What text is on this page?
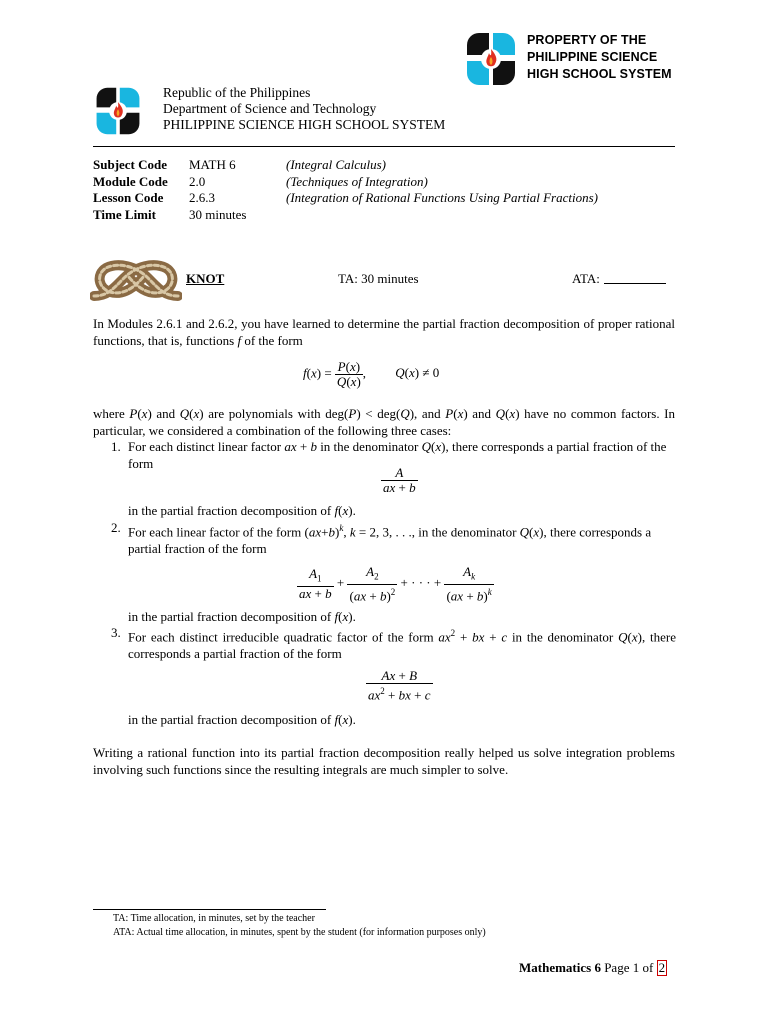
PROPERTY OF THE
PHILIPPINE SCIENCE
HIGH SCHOOL SYSTEM
Republic of the Philippines
Department of Science and Technology
PHILIPPINE SCIENCE HIGH SCHOOL SYSTEM
Subject Code	MATH 6	(Integral Calculus)
Module Code	2.0	(Techniques of Integration)
Lesson Code	2.6.3	(Integration of Rational Functions Using Partial Fractions)
Time Limit	30 minutes
KNOT	TA: 30 minutes	ATA:

In Modules 2.6.1 and 2.6.2, you have learned to determine the partial fraction decomposition of proper rational functions, that is, functions f of the form

$f(x) = \frac{P(x)}{Q(x)}$ , Q(x) ≠ 0

where P(x) and Q(x) are polynomials with deg(P) < deg(Q), and P(x) and Q(x) have no common factors. In particular, we considered a combination of the following three cases:

1. For each distinct linear factor ax + b in the denominator Q(x), there corresponds a partial fraction of the form

$\frac{A}{ax + b}$

in the partial fraction decomposition of f(x).

2. For each linear factor of the form $(ax+b)^k$, k = 2, 3, . . ., in the denominator Q(x), there corresponds a partial fraction of the form

$\frac{A_1}{ax + b} + \frac{A_2}{(ax + b)^2}$ + · · · + $\frac{A_k}{(ax + b)^k}$

in the partial fraction decomposition of f(x).

3. For each distinct irreducible quadratic factor of the form $ax^2$ + bx + c in the denominator Q(x), there corresponds a partial fraction of the form

$\frac{Ax + B}{ax^2 + bx + c}$

in the partial fraction decomposition of f(x).

Writing a rational function into its partial fraction decomposition really helped us solve integration problems involving such functions since the resulting integrals are much simpler to solve.

TA: Time allocation, in minutes, set by the teacher
ATA: Actual time allocation, in minutes, spent by the student (for information purposes only)
Mathematics 6 Page 1 of 2
